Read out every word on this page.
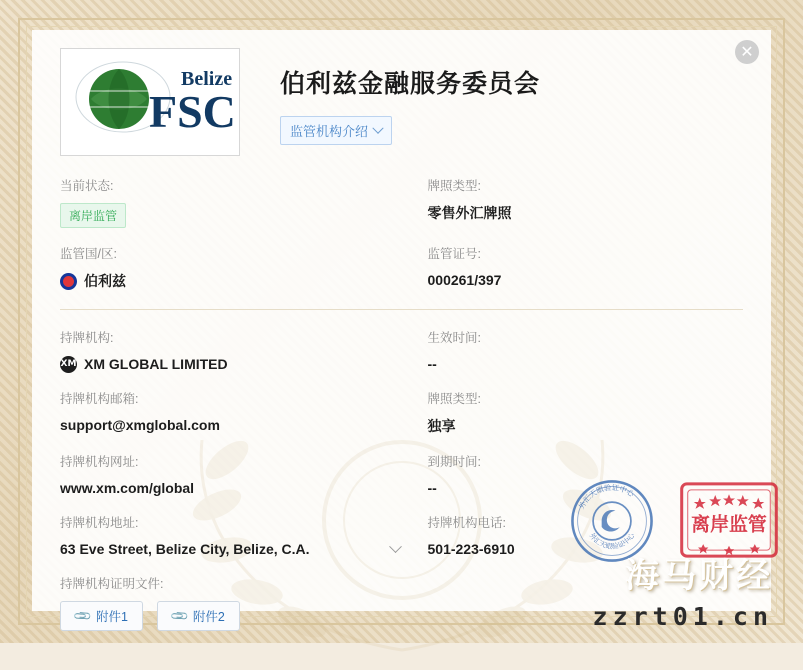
✕
FSC
Belize 伯利兹金融服务委员会
监管机构介绍
当前状态:
离岸监管
牌照类型:
零售外汇牌照
监管国/区:
伯利兹
监管证号:
000261/397
持牌机构:
XM XM GLOBAL LIMITED
生效时间:
--
持牌机构邮箱:
support@xmglobal.com
牌照类型:
独享
持牌机构网址:
www.xm.com/global
到期时间:
--
持牌机构地址:
63 Eve Street, Belize City, Belize, C.A.
持牌机构电话:
501-223-6910
持牌机构证明文件:
📎 附件1	📎 附件2
外汇天眼验证中心
外汇天眼验证中心
离岸监管
海马财经
zzrt01.cn
